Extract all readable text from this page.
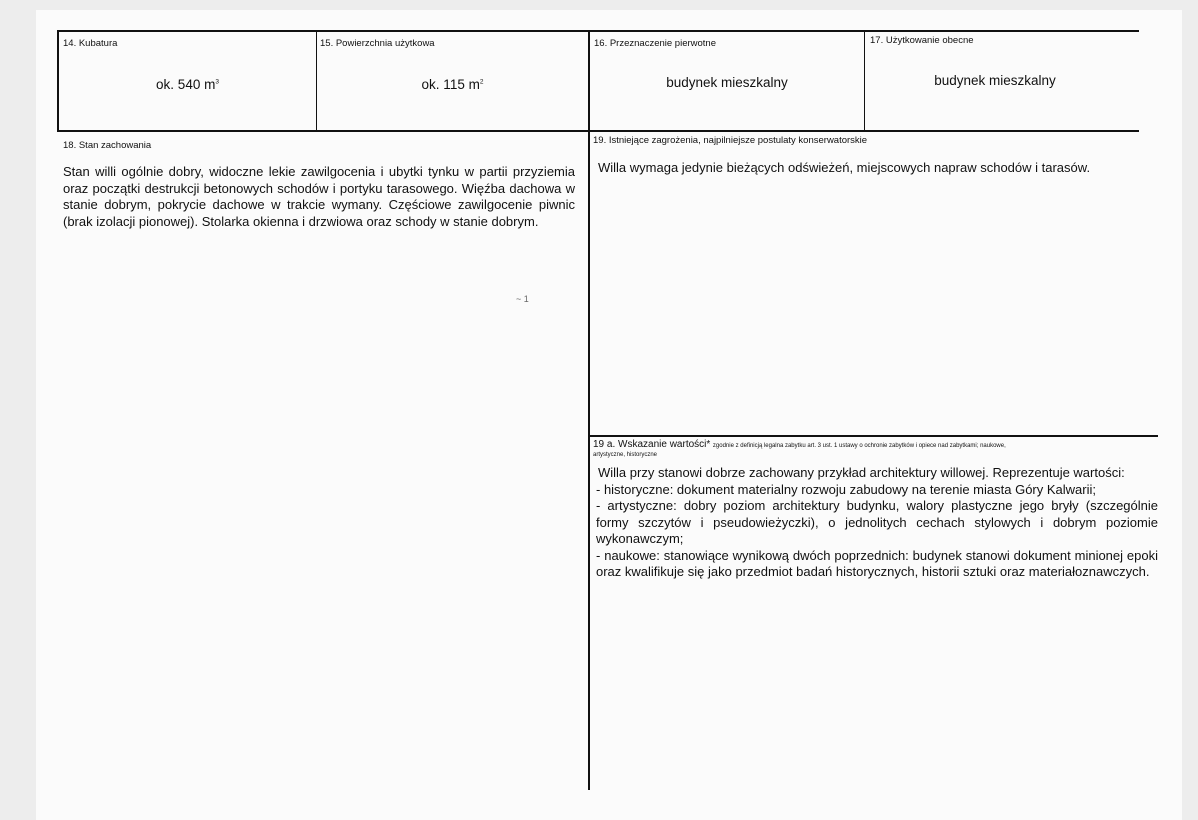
14. Kubatura
ok. 540 $m^3$
15. Powierzchnia użytkowa
ok. 115 $m^2$
16. Przeznaczenie pierwotne
budynek mieszkalny
17. Użytkowanie obecne
budynek mieszkalny
18. Stan zachowania
Stan willi ogólnie dobry, widoczne lekie zawilgocenia i ubytki tynku w partii przyziemia oraz początki destrukcji betonowych schodów i portyku tarasowego. Więźba dachowa w stanie dobrym, pokrycie dachowe w trakcie wymany. Częściowe zawilgocenie piwnic (brak izolacji pionowej). Stolarka okienna i drzwiowa oraz schody w stanie dobrym.
~ 1
19. Istniejące zagrożenia, najpilniejsze postulaty konserwatorskie
Willa wymaga jedynie bieżących odświeżeń, miejscowych napraw schodów i tarasów.
19 a. Wskazanie wartości* zgodnie z definicją legalna zabytku art. 3 ust. 1 ustawy o ochronie zabytków i opiece nad zabytkami; naukowe,
artystyczne, historyczne

Willa przy stanowi dobrze zachowany przykład architektury willowej. Reprezentuje wartości:

- historyczne: dokument materialny rozwoju zabudowy na terenie miasta Góry Kalwarii;

- artystyczne: dobry poziom architektury budynku, walory plastyczne jego bryły (szczególnie formy szczytów i pseudowieżyczki), o jednolitych cechach stylowych i dobrym poziomie wykonawczym;

- naukowe: stanowiące wynikową dwóch poprzednich: budynek stanowi dokument minionej epoki oraz kwalifikuje się jako przedmiot badań historycznych, historii sztuki oraz materiałoznawczych.
